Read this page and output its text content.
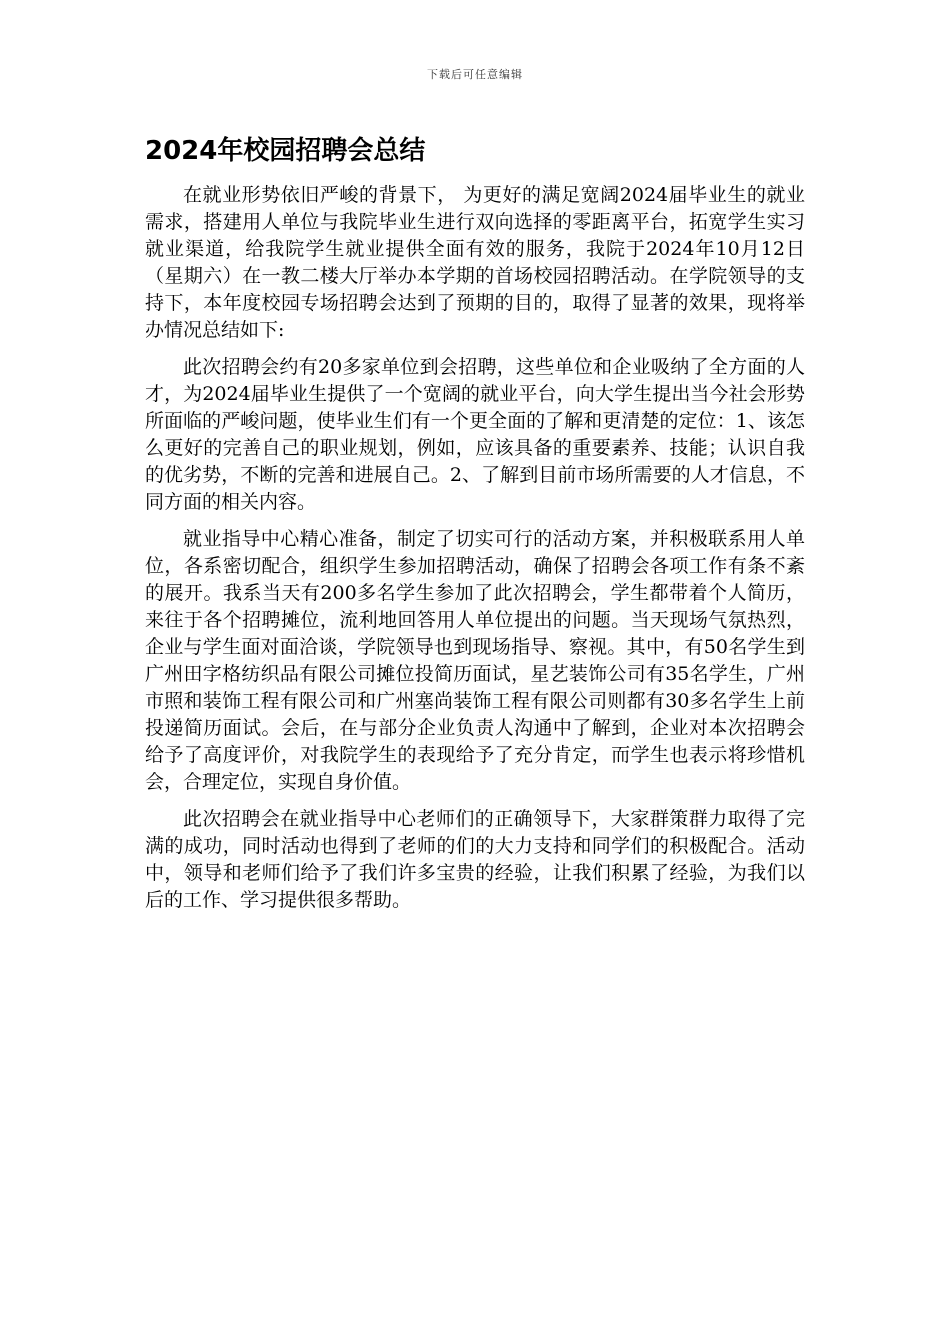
下载后可任意编辑
2024年校园招聘会总结

在就业形势依旧严峻的背景下， 为更好的满足宽阔2024届毕业生的就业需求，搭建用人单位与我院毕业生进行双向选择的零距离平台，拓宽学生实习就业渠道，给我院学生就业提供全面有效的服务，我院于2024年10月12日（星期六）在一教二楼大厅举办本学期的首场校园招聘活动。在学院领导的支持下，本年度校园专场招聘会达到了预期的目的，取得了显著的效果，现将举办情况总结如下:

此次招聘会约有20多家单位到会招聘，这些单位和企业吸纳了全方面的人才，为2024届毕业生提供了一个宽阔的就业平台，向大学生提出当今社会形势所面临的严峻问题，使毕业生们有一个更全面的了解和更清楚的定位：1、该怎么更好的完善自己的职业规划，例如，应该具备的重要素养、技能；认识自我的优劣势，不断的完善和进展自己。2、了解到目前市场所需要的人才信息，不同方面的相关内容。

就业指导中心精心准备，制定了切实可行的活动方案，并积极联系用人单位，各系密切配合，组织学生参加招聘活动，确保了招聘会各项工作有条不紊的展开。我系当天有200多名学生参加了此次招聘会，学生都带着个人简历，来往于各个招聘摊位，流利地回答用人单位提出的问题。当天现场气氛热烈，企业与学生面对面洽谈，学院领导也到现场指导、察视。其中，有50名学生到广州田字格纺织品有限公司摊位投简历面试，星艺装饰公司有35名学生，广州市照和装饰工程有限公司和广州塞尚装饰工程有限公司则都有30多名学生上前投递简历面试。会后，在与部分企业负责人沟通中了解到，企业对本次招聘会给予了高度评价，对我院学生的表现给予了充分肯定，而学生也表示将珍惜机会，合理定位，实现自身价值。

此次招聘会在就业指导中心老师们的正确领导下，大家群策群力取得了完满的成功，同时活动也得到了老师的们的大力支持和同学们的积极配合。活动中，领导和老师们给予了我们许多宝贵的经验，让我们积累了经验，为我们以后的工作、学习提供很多帮助。
